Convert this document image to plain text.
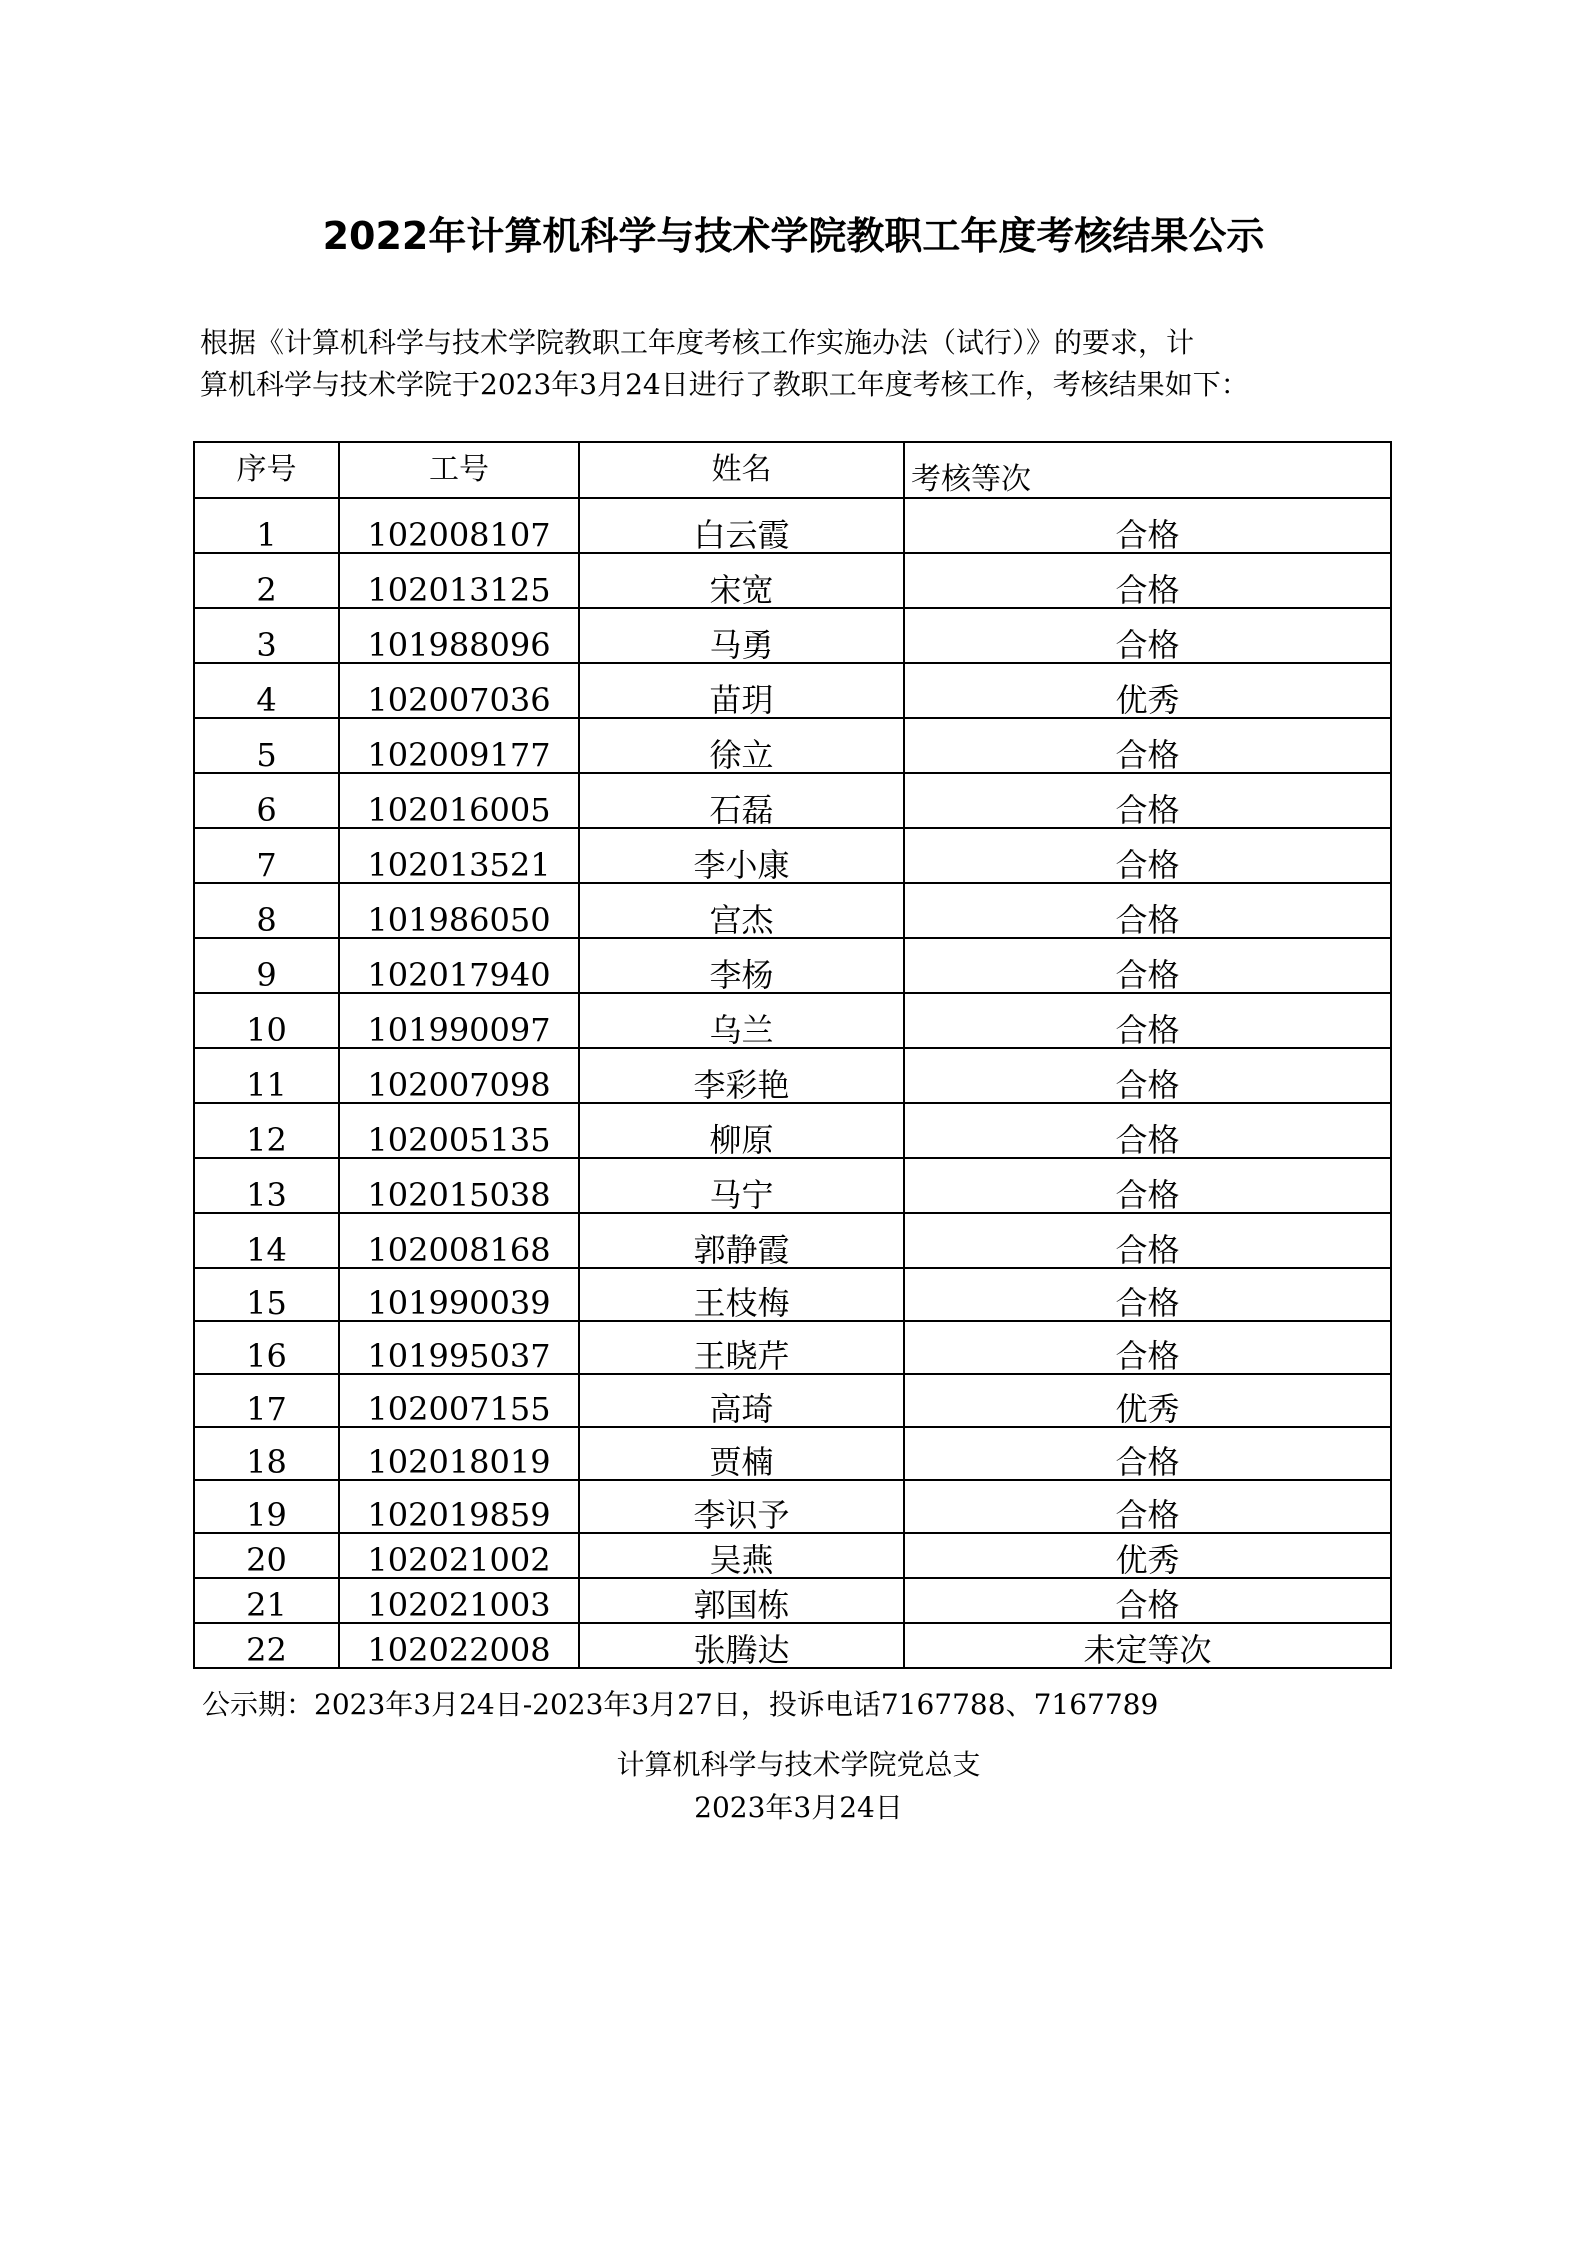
2022年计算机科学与技术学院教职工年度考核结果公示

根据《计算机科学与技术学院教职工年度考核工作实施办法（试行）》的要求，计

算机科学与技术学院于2023年3月24日进行了教职工年度考核工作，考核结果如下：

序号	工号	姓名	考核等次
1	102008107	白云霞	合格
2	102013125	宋宽	合格
3	101988096	马勇	合格
4	102007036	苗玥	优秀
5	102009177	徐立	合格
6	102016005	石磊	合格
7	102013521	李小康	合格
8	101986050	宫杰	合格
9	102017940	李杨	合格
10	101990097	乌兰	合格
11	102007098	李彩艳	合格
12	102005135	柳原	合格
13	102015038	马宁	合格
14	102008168	郭静霞	合格
15	101990039	王枝梅	合格
16	101995037	王晓芹	合格
17	102007155	高琦	优秀
18	102018019	贾楠	合格
19	102019859	李识予	合格
20	102021002	吴燕	优秀
21	102021003	郭国栋	合格
22	102022008	张腾达	未定等次
公示期：2023年3月24日-2023年3月27日，投诉电话7167788、7167789
计算机科学与技术学院党总支
2023年3月24日
